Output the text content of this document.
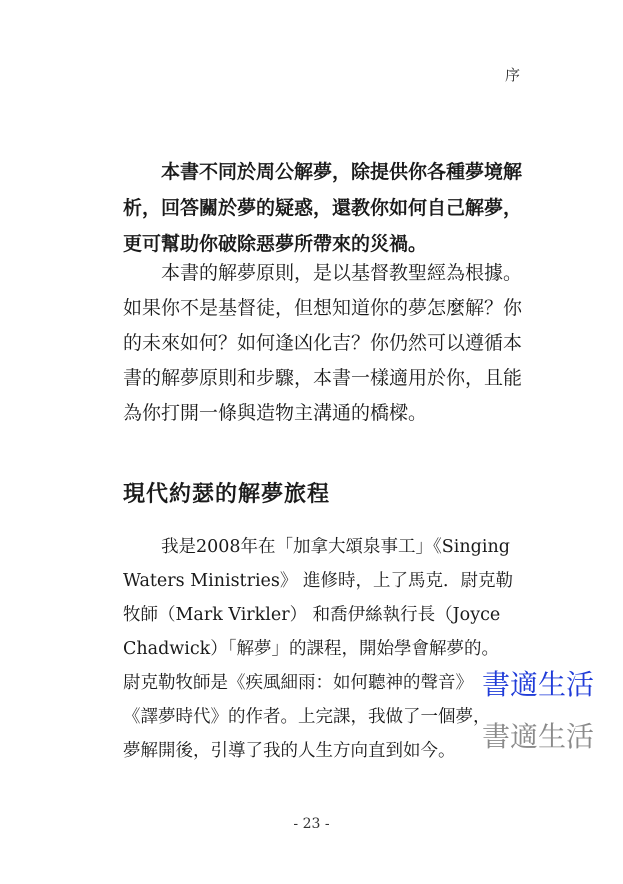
序
本書不同於周公解夢，除提供你各種夢境解
析，回答關於夢的疑惑，還教你如何自己解夢，
更可幫助你破除惡夢所帶來的災禍。
本書的解夢原則，是以基督教聖經為根據。
如果你不是基督徒，但想知道你的夢怎麼解？你
的未來如何？如何逢凶化吉？你仍然可以遵循本
書的解夢原則和步驟，本書一樣適用於你，且能
為你打開一條與造物主溝通的橋樑。
現代約瑟的解夢旅程
我是2008年在「加拿大頌泉事工」《Singing
Waters Ministries》 進修時，上了馬克．尉克勒
牧師（Mark Virkler） 和喬伊絲執行長（Joyce
Chadwick）「解夢」的課程，開始學會解夢的。
尉克勒牧師是《疾風細雨：如何聽神的聲音》
《譯夢時代》的作者。上完課，我做了一個夢，
夢解開後，引導了我的人生方向直到如今。
書適生活
書適生活
- 23 -
